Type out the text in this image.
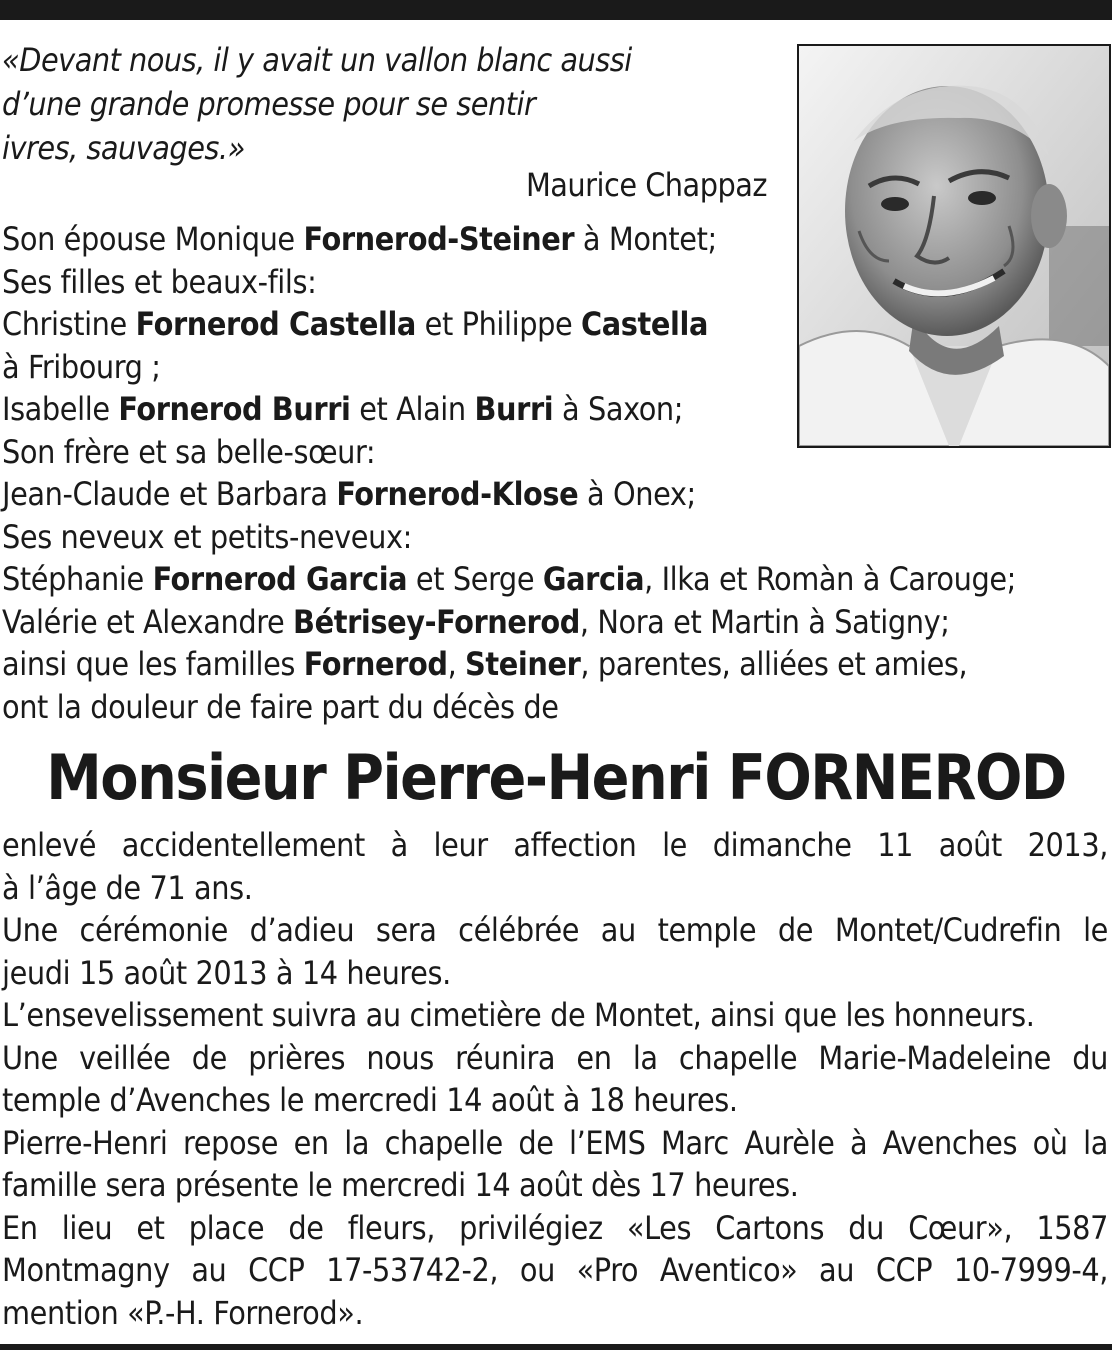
«Devant nous, il y avait un vallon blanc aussi
d’une grande promesse pour se sentir
ivres, sauvages.»
Maurice Chappaz
Son épouse Monique Fornerod-Steiner à Montet;
Ses filles et beaux-fils:
Christine Fornerod Castella et Philippe Castella
à Fribourg ;
Isabelle Fornerod Burri et Alain Burri à Saxon;
Son frère et sa belle-sœur:
Jean-Claude et Barbara Fornerod-Klose à Onex;
Ses neveux et petits-neveux:
Stéphanie Fornerod Garcia et Serge Garcia, Ilka et Romàn à Carouge;
Valérie et Alexandre Bétrisey-Fornerod, Nora et Martin à Satigny;
ainsi que les familles Fornerod, Steiner, parentes, alliées et amies,
ont la douleur de faire part du décès de
Monsieur Pierre-Henri FORNEROD
enlevé accidentellement à leur affection le dimanche 11 août 2013,
à l’âge de 71 ans.
Une cérémonie d’adieu sera célébrée au temple de Montet/Cudrefin le
jeudi 15 août 2013 à 14 heures.
L’ensevelissement suivra au cimetière de Montet, ainsi que les honneurs.
Une veillée de prières nous réunira en la chapelle Marie-Madeleine du
temple d’Avenches le mercredi 14 août à 18 heures.
Pierre-Henri repose en la chapelle de l’EMS Marc Aurèle à Avenches où la
famille sera présente le mercredi 14 août dès 17 heures.
En lieu et place de fleurs, privilégiez «Les Cartons du Cœur», 1587
Montmagny au CCP 17-53742-2, ou «Pro Aventico» au CCP 10-7999-4,
mention «P.-H. Fornerod».
